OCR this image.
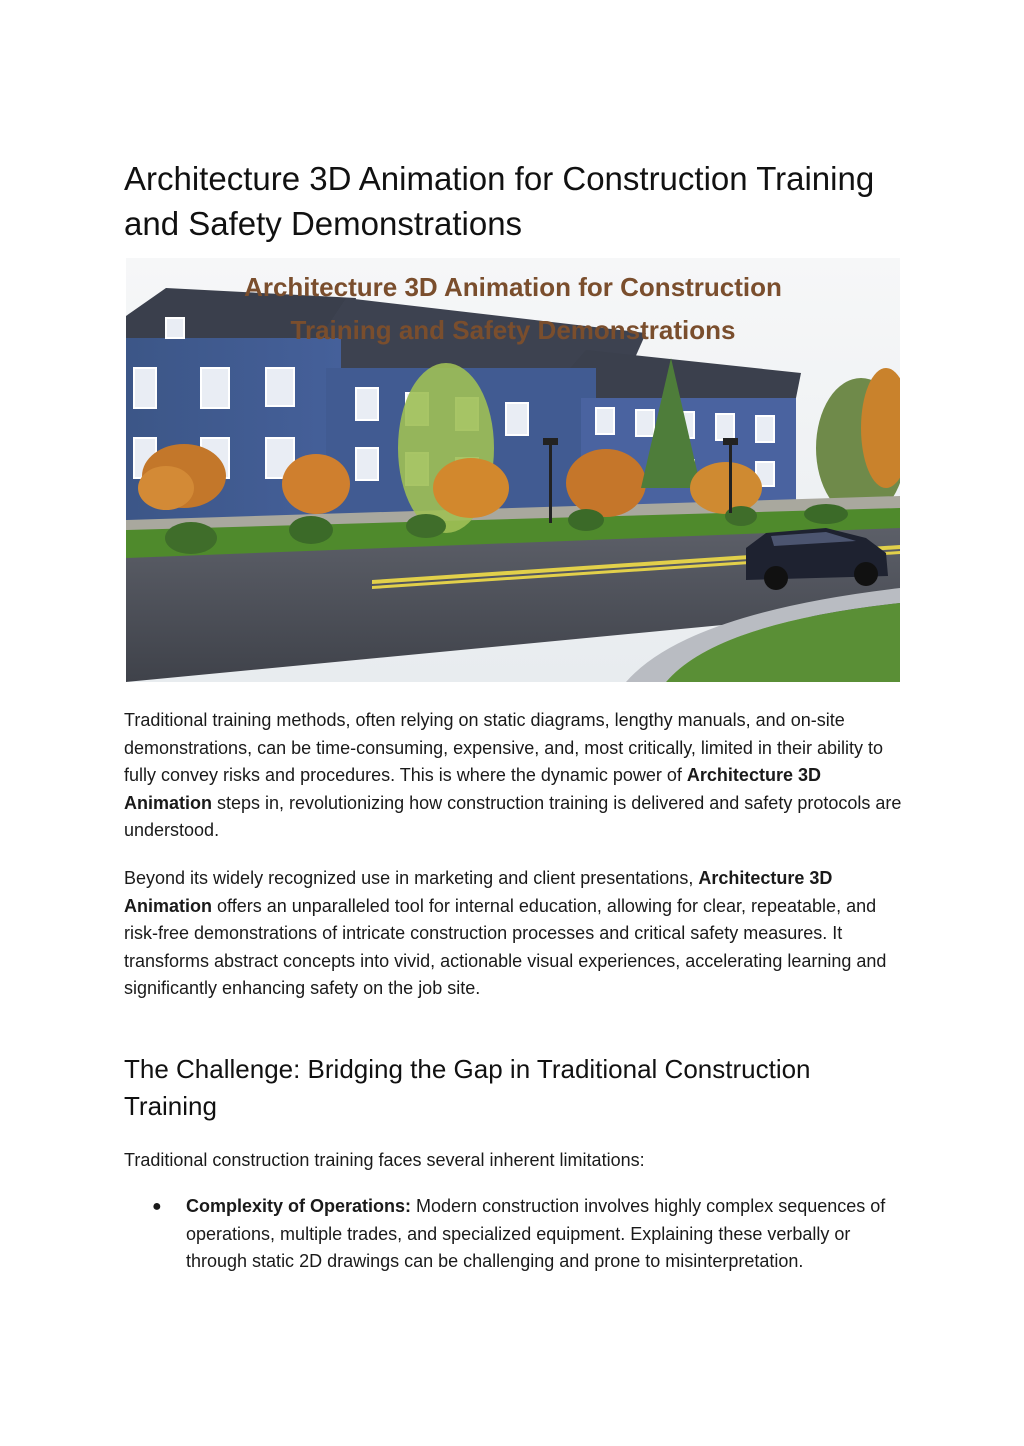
Architecture 3D Animation for Construction Training and Safety Demonstrations
Architecture 3D Animation for Construction
Training and Safety Demonstrations

Traditional training methods, often relying on static diagrams, lengthy manuals, and on-site demonstrations, can be time-consuming, expensive, and, most critically, limited in their ability to fully convey risks and procedures. This is where the dynamic power of Architecture 3D Animation steps in, revolutionizing how construction training is delivered and safety protocols are understood.

Beyond its widely recognized use in marketing and client presentations, Architecture 3D Animation offers an unparalleled tool for internal education, allowing for clear, repeatable, and risk-free demonstrations of intricate construction processes and critical safety measures. It transforms abstract concepts into vivid, actionable visual experiences, accelerating learning and significantly enhancing safety on the job site.

The Challenge: Bridging the Gap in Traditional Construction Training

Traditional construction training faces several inherent limitations:

● Complexity of Operations: Modern construction involves highly complex sequences of operations, multiple trades, and specialized equipment. Explaining these verbally or through static 2D drawings can be challenging and prone to misinterpretation.
